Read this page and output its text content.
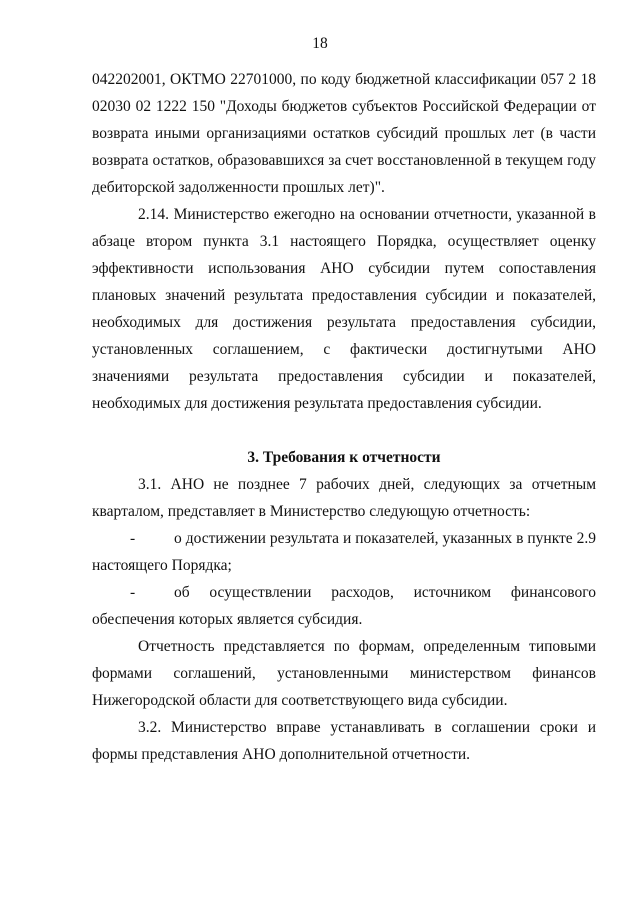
18

042202001, ОКТМО 22701000, по коду бюджетной классификации 057 2 18 02030 02 1222 150 "Доходы бюджетов субъектов Российской Федерации от возврата иными организациями остатков субсидий прошлых лет (в части возврата остатков, образовавшихся за счет восстановленной в текущем году дебиторской задолженности прошлых лет)".

2.14. Министерство ежегодно на основании отчетности, указанной в абзаце втором пункта 3.1 настоящего Порядка, осуществляет оценку эффективности использования АНО субсидии путем сопоставления плановых значений результата предоставления субсидии и показателей, необходимых для достижения результата предоставления субсидии, установленных соглашением, с фактически достигнутыми АНО значениями результата предоставления субсидии и показателей, необходимых для достижения результата предоставления субсидии.

3. Требования к отчетности

3.1. АНО не позднее 7 рабочих дней, следующих за отчетным кварталом, представляет в Министерство следующую отчетность:

-	о достижении результата и показателей, указанных в пункте 2.9 настоящего Порядка;

-	об осуществлении расходов, источником финансового обеспечения которых является субсидия.

Отчетность представляется по формам, определенным типовыми формами соглашений, установленными министерством финансов Нижегородской области для соответствующего вида субсидии.

3.2. Министерство вправе устанавливать в соглашении сроки и формы представления АНО дополнительной отчетности.
